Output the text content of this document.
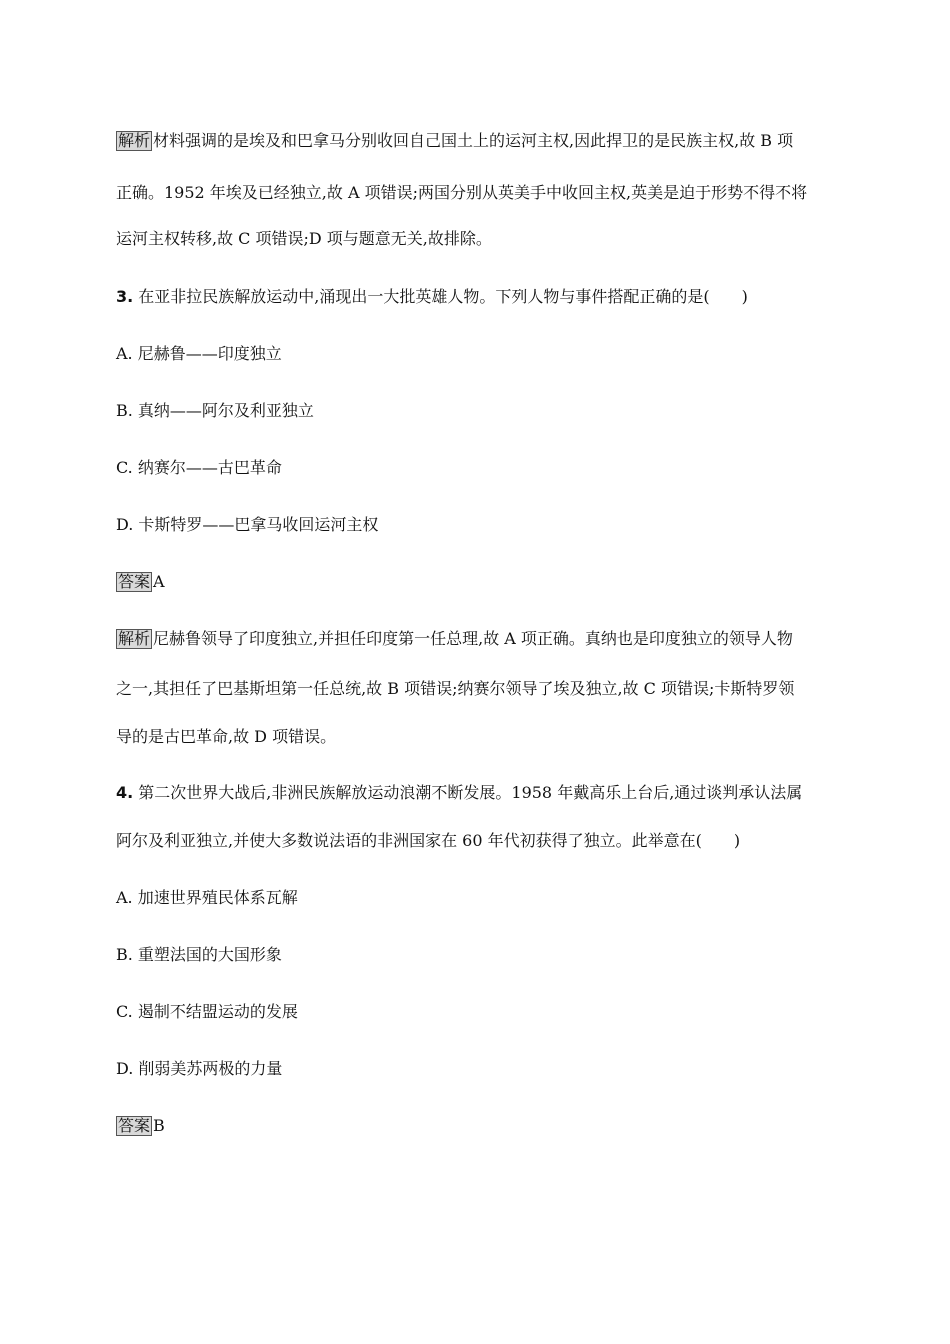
解析 材料强调的是埃及和巴拿马分别收回自己国土上的运河主权,因此捍卫的是民族主权,故 B 项
正确。1952 年埃及已经独立,故 A 项错误;两国分别从英美手中收回主权,英美是迫于形势不得不将
运河主权转移,故 C 项错误;D 项与题意无关,故排除。
3. 在亚非拉民族解放运动中,涌现出一大批英雄人物。下列人物与事件搭配正确的是(　　)
A. 尼赫鲁——印度独立
B. 真纳——阿尔及利亚独立
C. 纳赛尔——古巴革命
D. 卡斯特罗——巴拿马收回运河主权
答案 A
解析 尼赫鲁领导了印度独立,并担任印度第一任总理,故 A 项正确。真纳也是印度独立的领导人物
之一,其担任了巴基斯坦第一任总统,故 B 项错误;纳赛尔领导了埃及独立,故 C 项错误;卡斯特罗领
导的是古巴革命,故 D 项错误。
4. 第二次世界大战后,非洲民族解放运动浪潮不断发展。1958 年戴高乐上台后,通过谈判承认法属
阿尔及利亚独立,并使大多数说法语的非洲国家在 60 年代初获得了独立。此举意在(　　)
A. 加速世界殖民体系瓦解
B. 重塑法国的大国形象
C. 遏制不结盟运动的发展
D. 削弱美苏两极的力量
答案 B
